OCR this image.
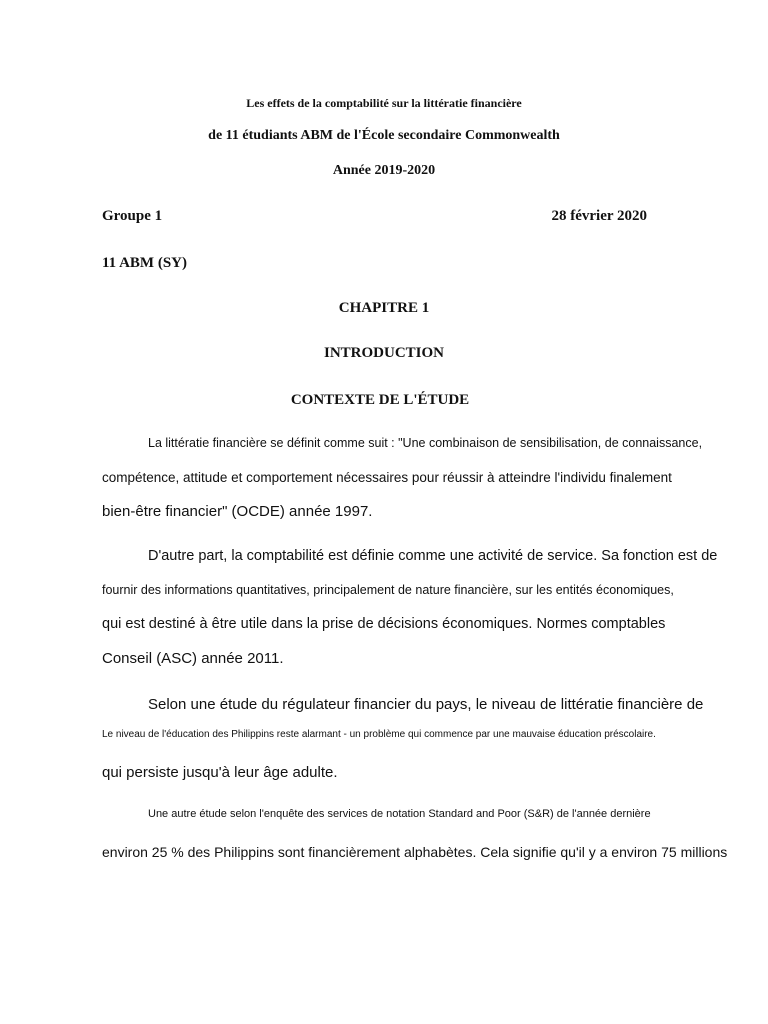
Les effets de la comptabilité sur la littératie financière
de 11 étudiants ABM de l'École secondaire Commonwealth
Année 2019-2020
Groupe 1	28 février 2020
11 ABM (SY)
CHAPITRE 1
INTRODUCTION
CONTEXTE DE L'ÉTUDE
La littératie financière se définit comme suit : "Une combinaison de sensibilisation, de connaissance,
compétence, attitude et comportement nécessaires pour réussir à atteindre l'individu finalement
bien-être financier" (OCDE) année 1997.
D'autre part, la comptabilité est définie comme une activité de service. Sa fonction est de
fournir des informations quantitatives, principalement de nature financière, sur les entités économiques,
qui est destiné à être utile dans la prise de décisions économiques. Normes comptables
Conseil (ASC) année 2011.
Selon une étude du régulateur financier du pays, le niveau de littératie financière de
Le niveau de l'éducation des Philippins reste alarmant - un problème qui commence par une mauvaise éducation préscolaire.
qui persiste jusqu'à leur âge adulte.
Une autre étude selon l'enquête des services de notation Standard and Poor (S&R) de l'année dernière
environ 25 % des Philippins sont financièrement alphabètes. Cela signifie qu'il y a environ 75 millions
